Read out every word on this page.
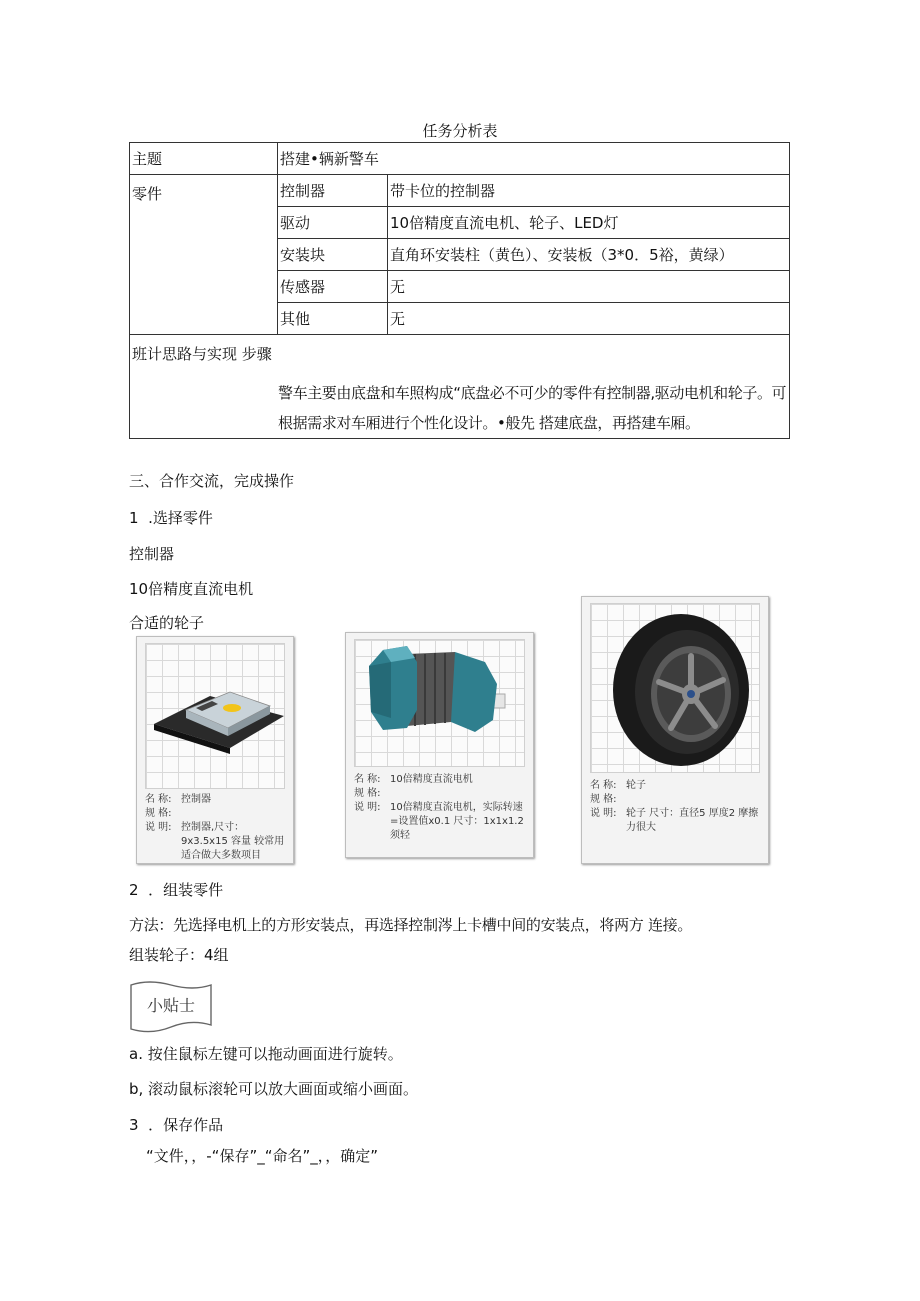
任务分析表
主题	搭建•辆新警车	
零件	控制器	带卡位的控制器
	驱动	10倍精度直流电机、轮子、LED灯
	安装块	直角环安装柱（黄色）、安装板（3*0．5裕，黄绿）
	传感器	无
	其他	无

班计思路与实现 步骤
警车主要由底盘和车照构成“底盘必不可少的零件有控制器,驱动电机和轮子。可根据需求对车厢进行个性化设计。•般先 搭建底盘，再搭建车厢。		
三、合作交流，完成操作
1 .选择零件
控制器
10倍精度直流电机
合适的轮子
名 称: 控制器
规 格:
说 明: 控制器,尺寸：9x3.5x15 容量 较常用 适合做大多数项目
名 称: 10倍精度直流电机
规 格:
说 明: 10倍精度直流电机，实际转速=设置值x0.1 尺寸：1x1x1.2 须轻
名 称: 轮子
规 格:
说 明: 轮子 尺寸：直径5 厚度2 摩擦力很大
2 ．组装零件
方法：先选择电机上的方形安装点，再选择控制涔上卡槽中间的安装点，将两方 连接。
组装轮子：4组
小贴士
a. 按住鼠标左键可以拖动画面进行旋转。
b, 滚动鼠标滚轮可以放大画面或缩小画面。
3 ．保存作品
“文件，，-“保存”_“命名”_，，确定”
